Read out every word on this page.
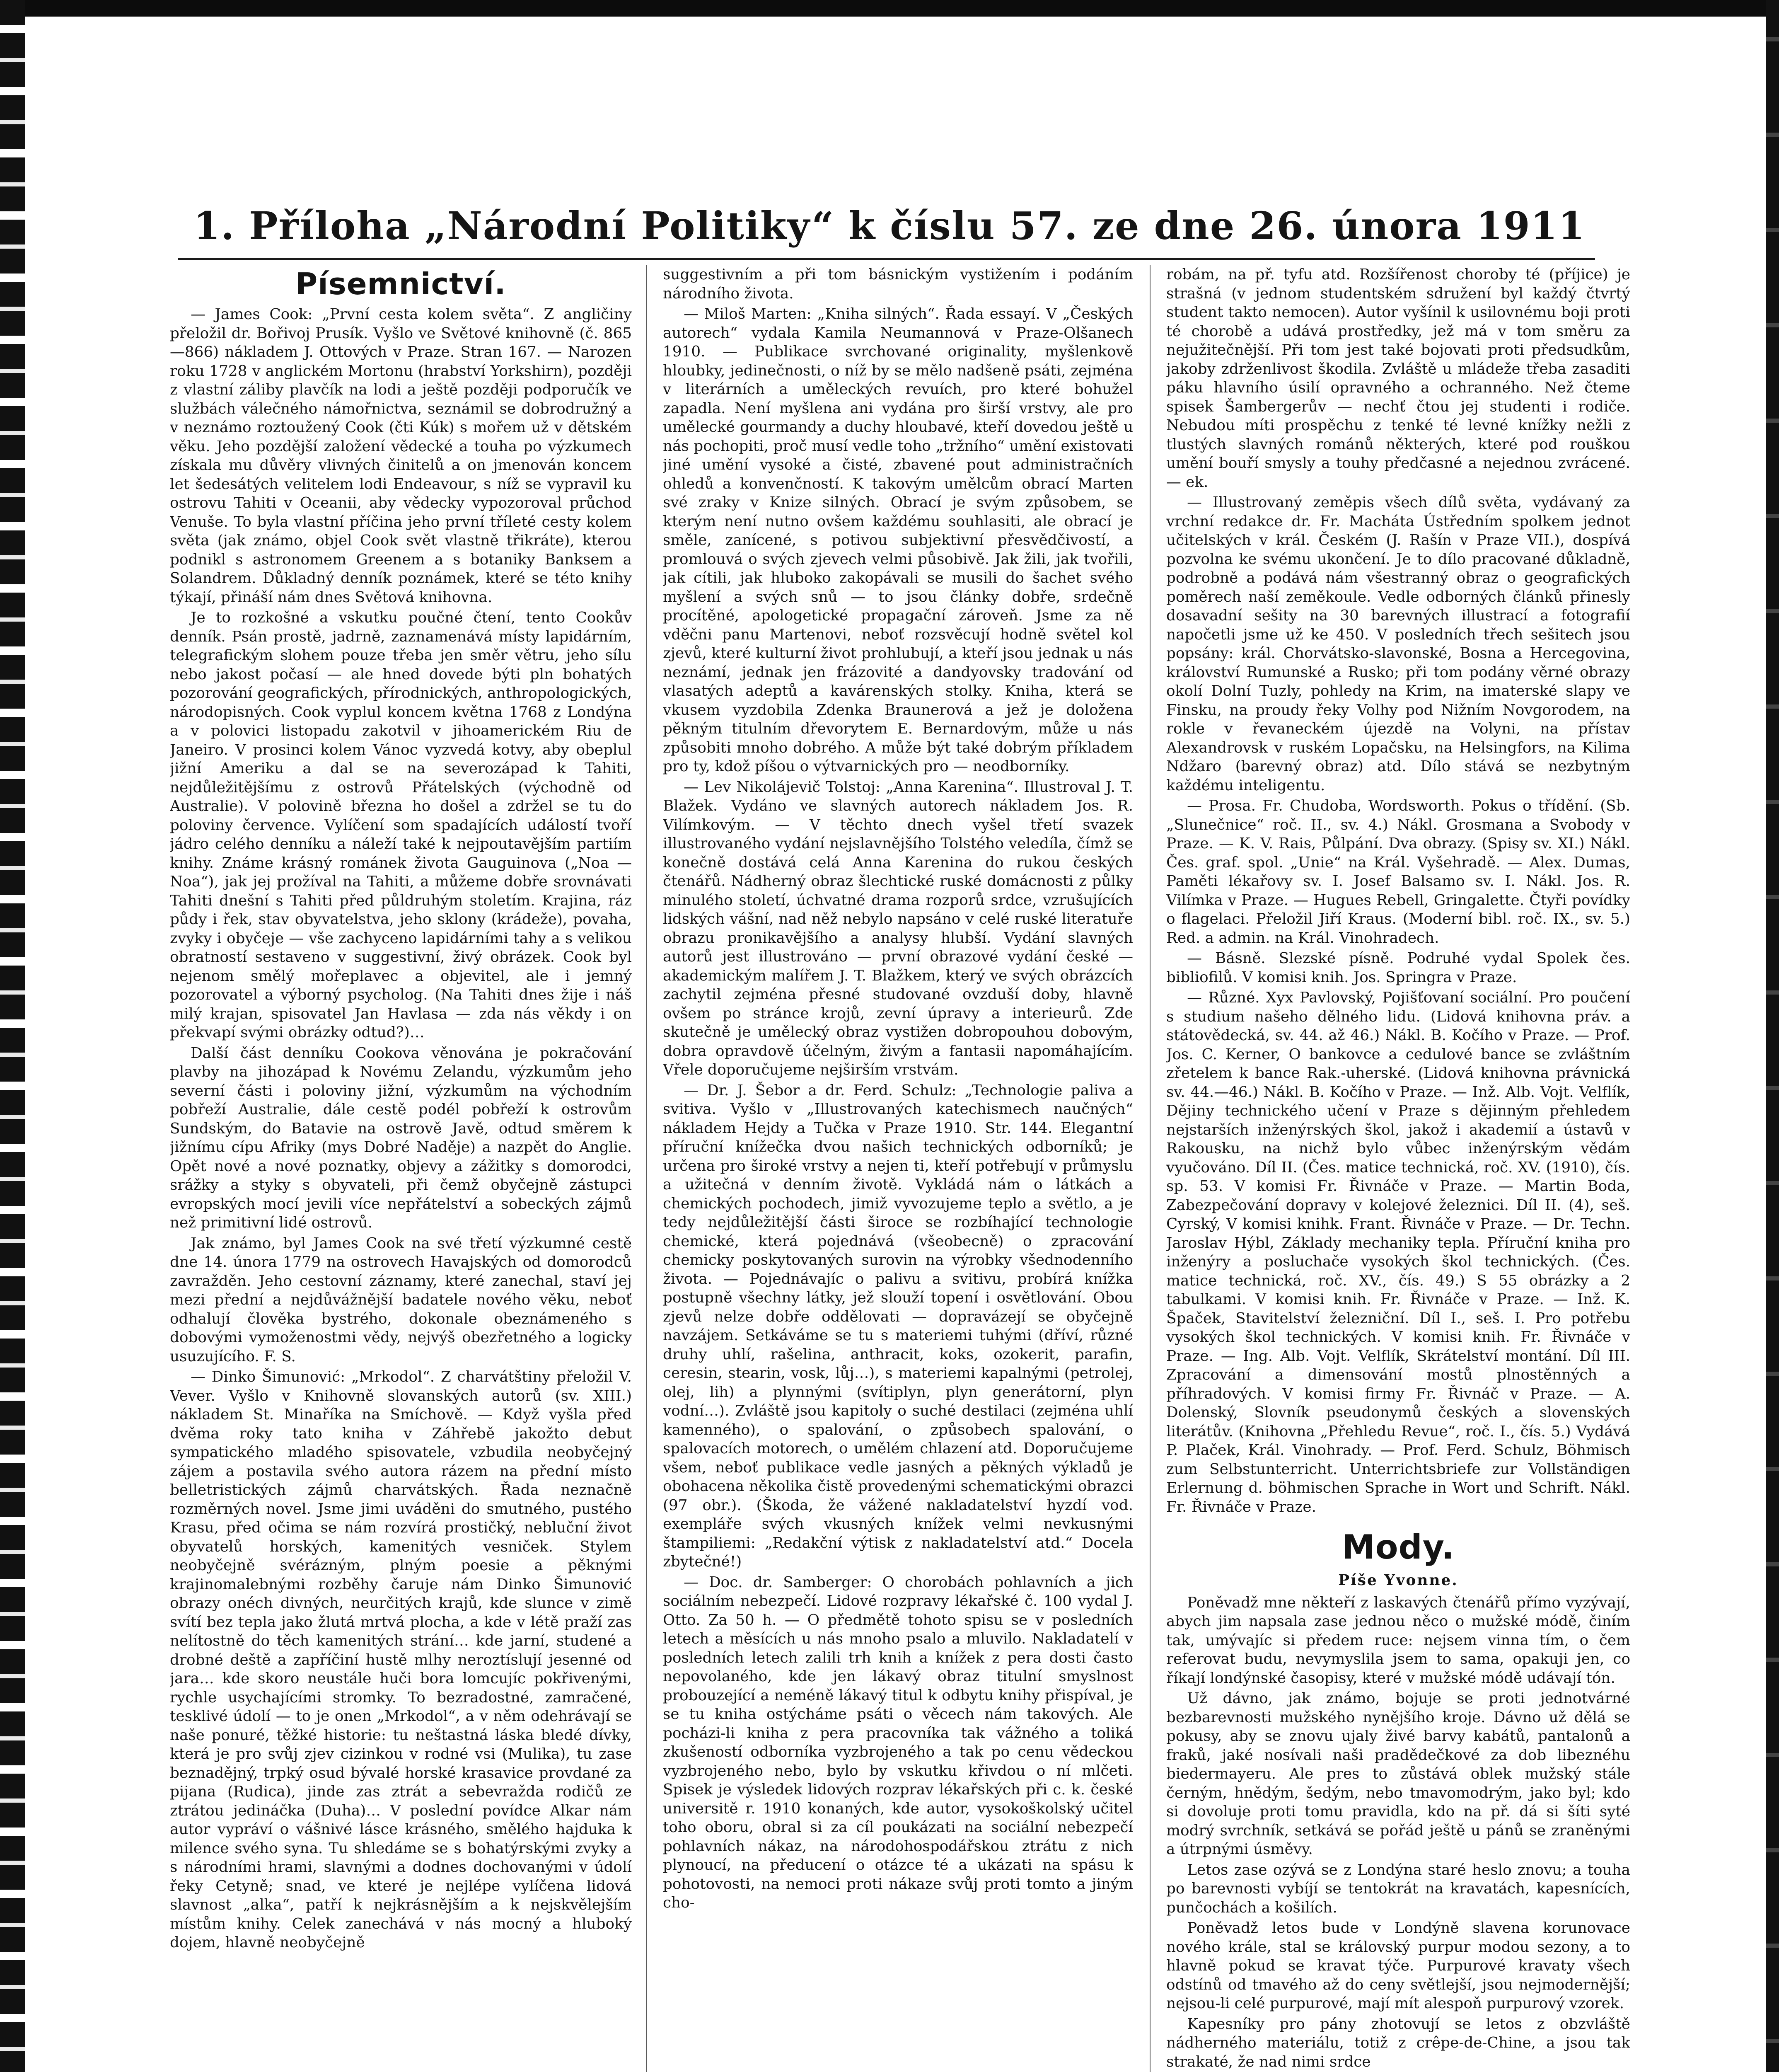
1. Příloha „Národní Politiky“ k číslu 57. ze dne 26. února 1911
Písemnictví.

— James Cook: „První cesta kolem světa“. Z angličiny přeložil dr. Bořivoj Prusík. Vyšlo ve Světové knihovně (č. 865—866) nákladem J. Ottových v Praze. Stran 167. — Narozen roku 1728 v anglickém Mortonu (hrabství Yorkshirn), později z vlastní záliby plavčík na lodi a ještě později podporučík ve službách válečného námořnictva, seznámil se dobrodružný a v neznámo roztoužený Cook (čti Kúk) s mořem už v dětském věku. Jeho pozdější založení vědecké a touha po výzkumech získala mu důvěry vlivných činitelů a on jmenován koncem let šedesátých velitelem lodi Endeavour, s níž se vypravil ku ostrovu Tahiti v Oceanii, aby vědecky vypozoroval průchod Venuše. To byla vlastní příčina jeho první tříleté cesty kolem světa (jak známo, objel Cook svět vlastně třikráte), kterou podnikl s astronomem Greenem a s botaniky Banksem a Solandrem. Důkladný denník poznámek, které se této knihy týkají, přináší nám dnes Světová knihovna.

Je to rozkošné a vskutku poučné čtení, tento Cookův denník. Psán prostě, jadrně, zaznamenává místy lapidárním, telegrafickým slohem pouze třeba jen směr větru, jeho sílu nebo jakost počasí — ale hned dovede býti pln bohatých pozorování geografických, přírodnických, anthropologických, národopisných. Cook vyplul koncem května 1768 z Londýna a v polovici listopadu zakotvil v jihoamerickém Riu de Janeiro. V prosinci kolem Vánoc vyzvedá kotvy, aby obeplul jižní Ameriku a dal se na severozápad k Tahiti, nejdůležitějšímu z ostrovů Přátelských (východně od Australie). V polovině března ho došel a zdržel se tu do poloviny července. Vylíčení som spadajících událostí tvoří jádro celého denníku a náleží také k nejpoutavějším partiím knihy. Známe krásný románek života Gauguinova („Noa — Noa“), jak jej prožíval na Tahiti, a můžeme dobře srovnávati Tahiti dnešní s Tahiti před půldruhým stoletím. Krajina, ráz půdy i řek, stav obyvatelstva, jeho sklony (krádeže), povaha, zvyky i obyčeje — vše zachyceno lapidárními tahy a s velikou obratností sestaveno v suggestivní, živý obrázek. Cook byl nejenom smělý mořeplavec a objevitel, ale i jemný pozorovatel a výborný psycholog. (Na Tahiti dnes žije i náš milý krajan, spisovatel Jan Havlasa — zda nás věkdy i on překvapí svými obrázky odtud?)…

Další část denníku Cookova věnována je pokračování plavby na jihozápad k Novému Zelandu, výzkumům jeho severní části i poloviny jižní, výzkumům na východním pobřeží Australie, dále cestě podél pobřeží k ostrovům Sundským, do Batavie na ostrově Javě, odtud směrem k jižnímu cípu Afriky (mys Dobré Naděje) a nazpět do Anglie. Opět nové a nové poznatky, objevy a zážitky s domorodci, srážky a styky s obyvateli, při čemž obyčejně zástupci evropských mocí jevili více nepřátelství a sobeckých zájmů než primitivní lidé ostrovů.

Jak známo, byl James Cook na své třetí výzkumné cestě dne 14. února 1779 na ostrovech Havajských od domorodců zavražděn. Jeho cestovní záznamy, které zanechal, staví jej mezi přední a nejdůvážnější badatele nového věku, neboť odhalují člověka bystrého, dokonale obeznámeného s dobovými vymoženostmi vědy, nejvýš obezřetného a logicky usuzujícího. F. S.

— Dinko Šimunović: „Mrkodol“. Z charvátštiny přeložil V. Vever. Vyšlo v Knihovně slovanských autorů (sv. XIII.) nákladem St. Minaříka na Smíchově. — Když vyšla před dvěma roky tato kniha v Záhřebě jakožto debut sympatického mladého spisovatele, vzbudila neobyčejný zájem a postavila svého autora rázem na přední místo belletristických zájmů charvátských. Řada neznačně rozměrných novel. Jsme jimi uváděni do smutného, pustého Krasu, před očima se nám rozvírá prostičký, nebluční život obyvatelů horských, kamenitých vesniček. Stylem neobyčejně svérázným, plným poesie a pěknými krajinomalebnými rozběhy čaruje nám Dinko Šimunović obrazy onéch divných, neurčitých krajů, kde slunce v zimě svítí bez tepla jako žlutá mrtvá plocha, a kde v létě praží zas nelítostně do těch kamenitých strání… kde jarní, studené a drobné deště a zapříčiní hustě mlhy neroztíslují jesenné od jara… kde skoro neustále huči bora lomcujíc pokřivenými, rychle usychajícími stromky. To bezradostné, zamračené, tesklivé údolí — to je onen „Mrkodol“, a v něm odehrávají se naše ponuré, těžké historie: tu neštastná láska bledé dívky, která je pro svůj zjev cizinkou v rodné vsi (Mulika), tu zase beznadějný, trpký osud bývalé horské krasavice provdané za pijana (Rudica), jinde zas ztrát a sebevražda rodičů ze ztrátou jedináčka (Duha)… V poslední povídce Alkar nám autor vypráví o vášnivé lásce krásného, smělého hajduka k milence svého syna. Tu shledáme se s bohatýrskými zvyky a s národními hrami, slavnými a dodnes dochovanými v údolí řeky Cetyně; snad, ve které je nejlépe vylíčena lidová slavnost „alka“, patří k nejkrásnějším a k nejskvělejším místům knihy. Celek zanechává v nás mocný a hluboký dojem, hlavně neobyčejně

suggestivním a při tom básnickým vystižením i podáním národního života.

— Miloš Marten: „Kniha silných“. Řada essayí. V „Českých autorech“ vydala Kamila Neumannová v Praze-Olšanech 1910. — Publikace svrchované originality, myšlenkově hloubky, jedinečnosti, o níž by se mělo nadšeně psáti, zejména v literárních a uměleckých revuích, pro které bohužel zapadla. Není myšlena ani vydána pro širší vrstvy, ale pro umělecké gourmandy a duchy hloubavé, kteří dovedou ještě u nás pochopiti, proč musí vedle toho „tržního“ umění existovati jiné umění vysoké a čisté, zbavené pout administračních ohledů a konvenčností. K takovým umělcům obrací Marten své zraky v Knize silných. Obrací je svým způsobem, se kterým není nutno ovšem každému souhlasiti, ale obrací je směle, zanícené, s potivou subjektivní přesvědčivostí, a promlouvá o svých zjevech velmi působivě. Jak žili, jak tvořili, jak cítili, jak hluboko zakopávali se musili do šachet svého myšlení a svých snů — to jsou články dobře, srdečně procítěné, apologetické propagační zároveň. Jsme za ně vděčni panu Martenovi, neboť rozsvěcují hodně světel kol zjevů, které kulturní život prohlubují, a kteří jsou jednak u nás neznámí, jednak jen frázovité a dandyovsky tradování od vlasatých adeptů a kavárenských stolky. Kniha, která se vkusem vyzdobila Zdenka Braunerová a jež je doložena pěkným titulním dřevorytem E. Bernardovým, může u nás způsobiti mnoho dobrého. A může být také dobrým příkladem pro ty, kdož píšou o výtvarnických pro — neodborníky.

— Lev Nikolájevič Tolstoj: „Anna Karenina“. Illustroval J. T. Blažek. Vydáno ve slavných autorech nákladem Jos. R. Vilímkovým. — V těchto dnech vyšel třetí svazek illustrovaného vydání nejslavnějšího Tolstého veledíla, čímž se konečně dostává celá Anna Karenina do rukou českých čtenářů. Nádherný obraz šlechtické ruské domácnosti z půlky minulého století, úchvatné drama rozporů srdce, vzrušujících lidských vášní, nad něž nebylo napsáno v celé ruské literatuře obrazu pronikavějšího a analysy hlubší. Vydání slavných autorů jest illustrováno — první obrazové vydání české — akademickým malířem J. T. Blažkem, který ve svých obrázcích zachytil zejména přesné studované ovzduší doby, hlavně ovšem po stránce krojů, zevní úpravy a interieurů. Zde skutečně je umělecký obraz vystižen dobropouhou dobovým, dobra opravdově účelným, živým a fantasii napomáhajícím. Vřele doporučujeme nejširším vrstvám.

— Dr. J. Šebor a dr. Ferd. Schulz: „Technologie paliva a svitiva. Vyšlo v „Illustrovaných katechismech naučných“ nákladem Hejdy a Tučka v Praze 1910. Str. 144. Elegantní příruční knížečka dvou našich technických odborníků; je určena pro široké vrstvy a nejen ti, kteří potřebují v průmyslu a užitečná v denním životě. Vykládá nám o látkách a chemických pochodech, jimiž vyvozujeme teplo a světlo, a je tedy nejdůležitější části široce se rozbíhající technologie chemické, která pojednává (všeobecně) o zpracování chemicky poskytovaných surovin na výrobky všednodenního života. — Pojednávajíc o palivu a svitivu, probírá knížka postupně všechny látky, jež slouží topení i osvětlování. Obou zjevů nelze dobře oddělovati — dopravázejí se obyčejně navzájem. Setkáváme se tu s materiemi tuhými (dříví, různé druhy uhlí, rašelina, anthracit, koks, ozokerit, parafin, ceresin, stearin, vosk, lůj…), s materiemi kapalnými (petrolej, olej, lih) a plynnými (svítiplyn, plyn generátorní, plyn vodní…). Zvláště jsou kapitoly o suché destilaci (zejména uhlí kamenného), o spalování, o způsobech spalování, o spalovacích motorech, o umělém chlazení atd. Doporučujeme všem, neboť publikace vedle jasných a pěkných výkladů je obohacena několika čistě provedenými schematickými obrazci (97 obr.). (Škoda, že vážené nakladatelství hyzdí vod. exempláře svých vkusných knížek velmi nevkusnými štampiliemi: „Redakční výtisk z nakladatelství atd.“ Docela zbytečné!)

— Doc. dr. Samberger: O chorobách pohlavních a jich sociálním nebezpečí. Lidové rozpravy lékařské č. 100 vydal J. Otto. Za 50 h. — O předmětě tohoto spisu se v posledních letech a měsících u nás mnoho psalo a mluvilo. Nakladatelí v posledních letech zalili trh knih a knížek z pera dosti často nepovolaného, kde jen lákavý obraz titulní smyslnost probouzející a neméně lákavý titul k odbytu knihy přispíval, je se tu kniha ostýcháme psáti o věcech nám takových. Ale pocházi-li kniha z pera pracovníka tak vážného a toliká zkušeností odborníka vyzbrojeného a tak po cenu vědeckou vyzbrojeného nebo, bylo by vskutku křivdou o ní mlčeti. Spisek je výsledek lidových rozprav lékařských při c. k. české universitě r. 1910 konaných, kde autor, vysokoškolský učitel toho oboru, obral si za cíl poukázati na sociální nebezpečí pohlavních nákaz, na národohospodářskou ztrátu z nich plynoucí, na předucení o otázce té a ukázati na spásu k pohotovosti, na nemoci proti nákaze svůj proti tomto a jiným cho-

robám, na př. tyfu atd. Rozšířenost choroby té (příjice) je strašná (v jednom studentském sdružení byl každý čtvrtý student takto nemocen). Autor vyšínil k usilovnému boji proti té chorobě a udává prostředky, jež má v tom směru za nejužitečnější. Při tom jest také bojovati proti předsudkům, jakoby zdrženlivost škodila. Zvláště u mládeže třeba zasaditi páku hlavního úsilí opravného a ochranného. Než čteme spisek Šambergerův — nechť čtou jej studenti i rodiče. Nebudou míti prospěchu z tenké té levné knížky nežli z tlustých slavných románů některých, které pod rouškou umění bouří smysly a touhy předčasné a nejednou zvrácené. — ek.

— Illustrovaný zeměpis všech dílů světa, vydávaný za vrchní redakce dr. Fr. Macháta Ústředním spolkem jednot učitelských v král. Českém (J. Rašín v Praze VII.), dospívá pozvolna ke svému ukončení. Je to dílo pracované důkladně, podrobně a podává nám všestranný obraz o geografických poměrech naší zeměkoule. Vedle odborných článků přinesly dosavadní sešity na 30 barevných illustrací a fotografií napočetli jsme už ke 450. V posledních třech sešitech jsou popsány: král. Chorvátsko-slavonské, Bosna a Hercegovina, království Rumunské a Rusko; při tom podány věrné obrazy okolí Dolní Tuzly, pohledy na Krim, na imaterské slapy ve Finsku, na proudy řeky Volhy pod Nižním Novgorodem, na rokle v řevaneckém újezdě na Volyni, na přístav Alexandrovsk v ruském Lopačsku, na Helsingfors, na Kilima Ndžaro (barevný obraz) atd. Dílo stává se nezbytným každému inteligentu.

— Prosa. Fr. Chudoba, Wordsworth. Pokus o třídění. (Sb. „Slunečnice“ roč. II., sv. 4.) Nákl. Grosmana a Svobody v Praze. — K. V. Rais, Půlpání. Dva obrazy. (Spisy sv. XI.) Nákl. Čes. graf. spol. „Unie“ na Král. Vyšehradě. — Alex. Dumas, Paměti lékařovy sv. I. Josef Balsamo sv. I. Nákl. Jos. R. Vilímka v Praze. — Hugues Rebell, Gringalette. Čtyři povídky o flagelaci. Přeložil Jiří Kraus. (Moderní bibl. roč. IX., sv. 5.) Red. a admin. na Král. Vinohradech.

— Básně. Slezské písně. Podruhé vydal Spolek čes. bibliofilů. V komisi knih. Jos. Springra v Praze.

— Různé. Xyx Pavlovský, Pojišťovaní sociální. Pro poučení s studium našeho dělného lidu. (Lidová knihovna práv. a státovědecká, sv. 44. až 46.) Nákl. B. Kočího v Praze. — Prof. Jos. C. Kerner, O bankovce a cedulové bance se zvláštním zřetelem k bance Rak.-uherské. (Lidová knihovna právnická sv. 44.—46.) Nákl. B. Kočího v Praze. — Inž. Alb. Vojt. Velflík, Dějiny technického učení v Praze s dějinným přehledem nejstarších inženýrských škol, jakož i akademií a ústavů v Rakousku, na nichž bylo vůbec inženýrským vědám vyučováno. Díl II. (Čes. matice technická, roč. XV. (1910), čís. sp. 53. V komisi Fr. Řivnáče v Praze. — Martin Boda, Zabezpečování dopravy v kolejové železnici. Díl II. (4), seš. Cyrský, V komisi knihk. Frant. Řivnáče v Praze. — Dr. Techn. Jaroslav Hýbl, Základy mechaniky tepla. Příruční kniha pro inženýry a posluchače vysokých škol technických. (Čes. matice technická, roč. XV., čís. 49.) S 55 obrázky a 2 tabulkami. V komisi knih. Fr. Řivnáče v Praze. — Inž. K. Špaček, Stavitelství železniční. Díl I., seš. I. Pro potřebu vysokých škol technických. V komisi knih. Fr. Řivnáče v Praze. — Ing. Alb. Vojt. Velflík, Skrátelství montání. Díl III. Zpracování a dimensování mostů plnostěnných a příhradových. V komisi firmy Fr. Řivnáč v Praze. — A. Dolenský, Slovník pseudonymů českých a slovenských literátův. (Knihovna „Přehledu Revue“, roč. I., čís. 5.) Vydává P. Plaček, Král. Vinohrady. — Prof. Ferd. Schulz, Böhmisch zum Selbstunterricht. Unterrichtsbriefe zur Vollständigen Erlernung d. böhmischen Sprache in Wort und Schrift. Nákl. Fr. Řivnáče v Praze.

Mody.
Píše Yvonne.

Poněvadž mne někteří z laskavých čtenářů přímo vyzývají, abych jim napsala zase jednou něco o mužské módě, činím tak, umývajíc si předem ruce: nejsem vinna tím, o čem referovat budu, nevymyslila jsem to sama, opakuji jen, co říkají londýnské časopisy, které v mužské módě udávají tón.

Už dávno, jak známo, bojuje se proti jednotvárné bezbarevnosti mužského nynějšího kroje. Dávno už dělá se pokusy, aby se znovu ujaly živé barvy kabátů, pantalonů a fraků, jaké nosívali naši pradědečkové za dob libeznéhu biedermayeru. Ale pres to zůstává oblek mužský stále černým, hnědým, šedým, nebo tmavomodrým, jako byl; kdo si dovoluje proti tomu pravidla, kdo na př. dá si šíti syté modrý svrchník, setkává se pořád ještě u pánů se zraněnými a útrpnými úsměvy.

Letos zase ozývá se z Londýna staré heslo znovu; a touha po barevnosti vybíjí se tentokrát na kravatách, kapesnících, punčochách a košilích.

Poněvadž letos bude v Londýně slavena korunovace nového krále, stal se královský purpur modou sezony, a to hlavně pokud se kravat týče. Purpurové kravaty všech odstínů od tmavého až do ceny světlejší, jsou nejmodernější; nejsou-li celé purpurové, mají mít alespoň purpurový vzorek.

Kapesníky pro pány zhotovují se letos z obzvláště nádherného materiálu, totiž z crêpe-de-Chine, a jsou tak strakaté, že nad nimi srdce
